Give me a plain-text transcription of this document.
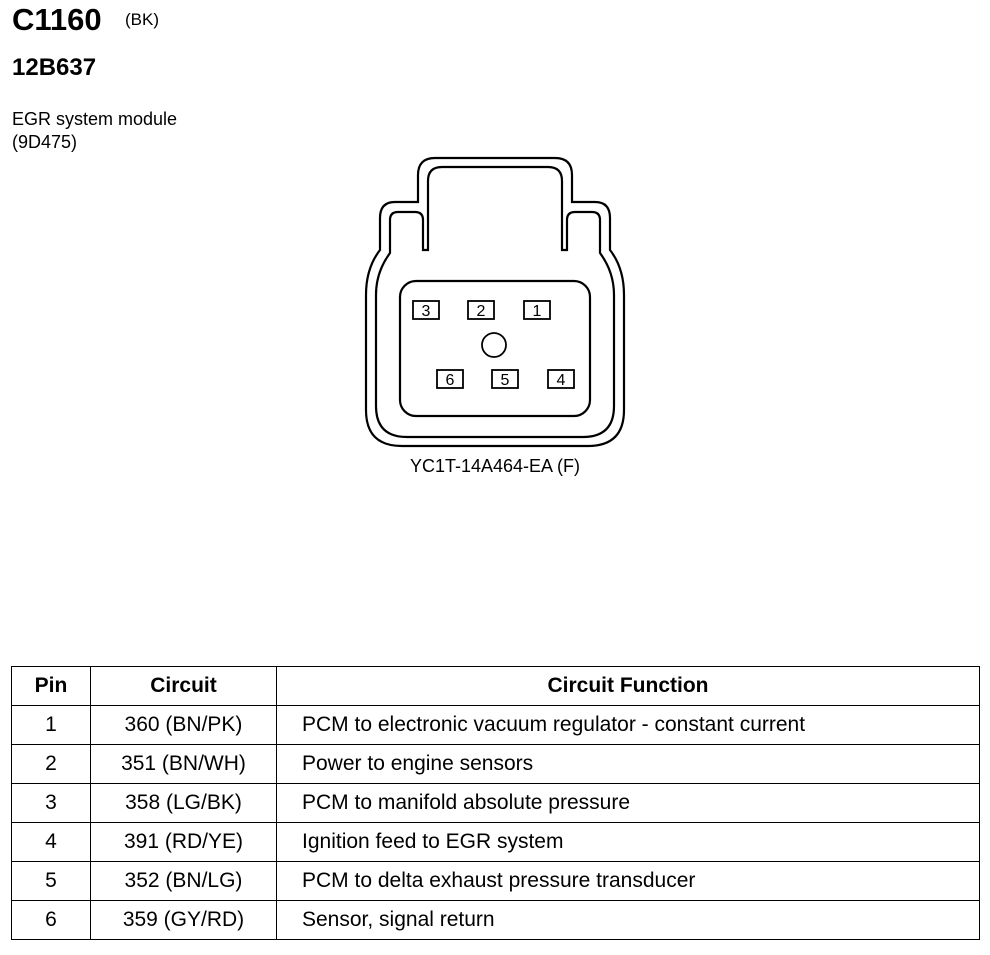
C1160 (BK)
12B637
EGR system module
(9D475)
3	2	1
6	5	4
YC1T-14A464-EA (F)
Pin	Circuit	Circuit Function
1	360 (BN/PK)	PCM to electronic vacuum regulator - constant current
2	351 (BN/WH)	Power to engine sensors
3	358 (LG/BK)	PCM to manifold absolute pressure
4	391 (RD/YE)	Ignition feed to EGR system
5	352 (BN/LG)	PCM to delta exhaust pressure transducer
6	359 (GY/RD)	Sensor, signal return
